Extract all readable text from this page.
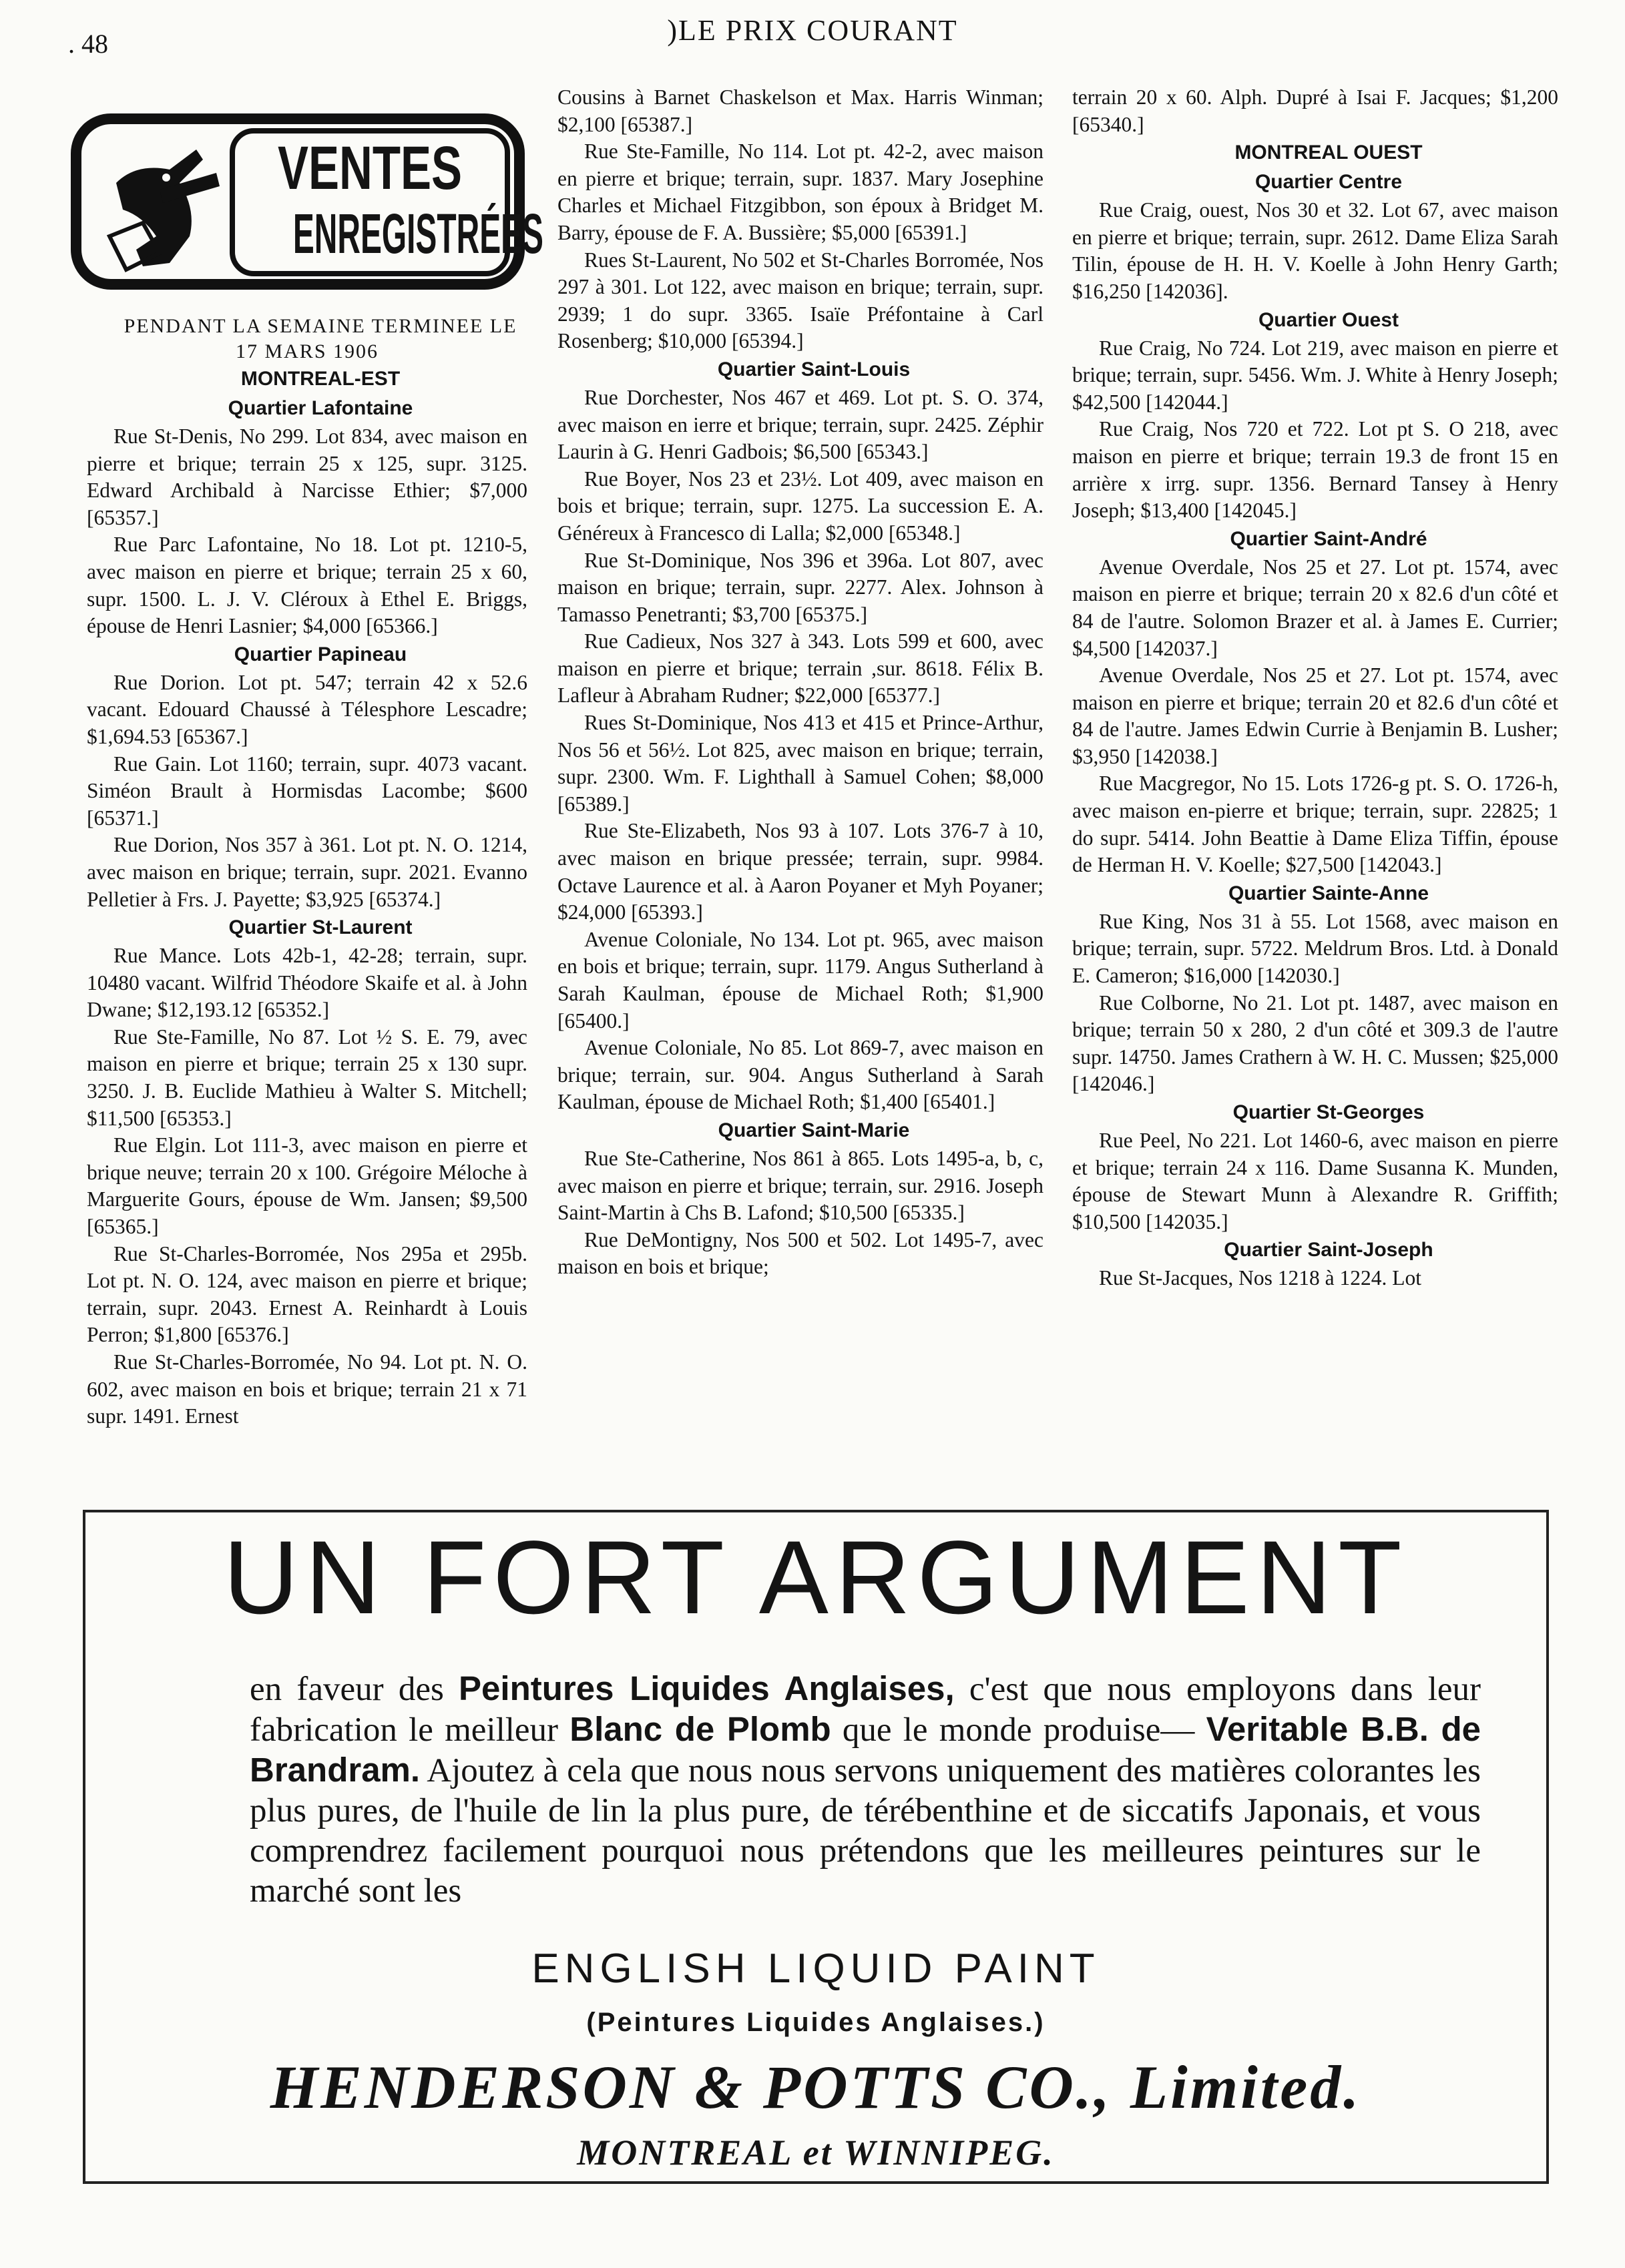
. 48	)LE PRIX COURANT
VENTES
ENREGISTRÉES

PENDANT LA SEMAINE TERMINEE LE 17 MARS 1906

MONTREAL-EST

Quartier Lafontaine

Rue St-Denis, No 299. Lot 834, avec maison en pierre et brique; terrain 25 x 125, supr. 3125. Edward Archibald à Narcisse Ethier; $7,000 [65357.]

Rue Parc Lafontaine, No 18. Lot pt. 1210-5, avec maison en pierre et brique; terrain 25 x 60, supr. 1500. L. J. V. Cléroux à Ethel E. Briggs, épouse de Henri Lasnier; $4,000 [65366.]

Quartier Papineau

Rue Dorion. Lot pt. 547; terrain 42 x 52.6 vacant. Edouard Chaussé à Télesphore Lescadre; $1,694.53 [65367.]

Rue Gain. Lot 1160; terrain, supr. 4073 vacant. Siméon Brault à Hormisdas Lacombe; $600 [65371.]

Rue Dorion, Nos 357 à 361. Lot pt. N. O. 1214, avec maison en brique; terrain, supr. 2021. Evanno Pelletier à Frs. J. Payette; $3,925 [65374.]

Quartier St-Laurent

Rue Mance. Lots 42b-1, 42-28; terrain, supr. 10480 vacant. Wilfrid Théodore Skaife et al. à John Dwane; $12,193.12 [65352.]

Rue Ste-Famille, No 87. Lot ½ S. E. 79, avec maison en pierre et brique; terrain 25 x 130 supr. 3250. J. B. Euclide Mathieu à Walter S. Mitchell; $11,500 [65353.]

Rue Elgin. Lot 111-3, avec maison en pierre et brique neuve; terrain 20 x 100. Grégoire Méloche à Marguerite Gours, épouse de Wm. Jansen; $9,500 [65365.]

Rue St-Charles-Borromée, Nos 295a et 295b. Lot pt. N. O. 124, avec maison en pierre et brique; terrain, supr. 2043. Ernest A. Reinhardt à Louis Perron; $1,800 [65376.]

Rue St-Charles-Borromée, No 94. Lot pt. N. O. 602, avec maison en bois et brique; terrain 21 x 71 supr. 1491. Ernest

Cousins à Barnet Chaskelson et Max. Harris Winman; $2,100 [65387.]

Rue Ste-Famille, No 114. Lot pt. 42-2, avec maison en pierre et brique; terrain, supr. 1837. Mary Josephine Charles et Michael Fitzgibbon, son époux à Bridget M. Barry, épouse de F. A. Bussière; $5,000 [65391.]

Rues St-Laurent, No 502 et St-Charles Borromée, Nos 297 à 301. Lot 122, avec maison en brique; terrain, supr. 2939; 1 do supr. 3365. Isaïe Préfontaine à Carl Rosenberg; $10,000 [65394.]

Quartier Saint-Louis

Rue Dorchester, Nos 467 et 469. Lot pt. S. O. 374, avec maison en ierre et brique; terrain, supr. 2425. Zéphir Laurin à G. Henri Gadbois; $6,500 [65343.]

Rue Boyer, Nos 23 et 23½. Lot 409, avec maison en bois et brique; terrain, supr. 1275. La succession E. A. Généreux à Francesco di Lalla; $2,000 [65348.]

Rue St-Dominique, Nos 396 et 396a. Lot 807, avec maison en brique; terrain, supr. 2277. Alex. Johnson à Tamasso Penetranti; $3,700 [65375.]

Rue Cadieux, Nos 327 à 343. Lots 599 et 600, avec maison en pierre et brique; terrain ,sur. 8618. Félix B. Lafleur à Abraham Rudner; $22,000 [65377.]

Rues St-Dominique, Nos 413 et 415 et Prince-Arthur, Nos 56 et 56½. Lot 825, avec maison en brique; terrain, supr. 2300. Wm. F. Lighthall à Samuel Cohen; $8,000 [65389.]

Rue Ste-Elizabeth, Nos 93 à 107. Lots 376-7 à 10, avec maison en brique pressée; terrain, supr. 9984. Octave Laurence et al. à Aaron Poyaner et Myh Poyaner; $24,000 [65393.]

Avenue Coloniale, No 134. Lot pt. 965, avec maison en bois et brique; terrain, supr. 1179. Angus Sutherland à Sarah Kaulman, épouse de Michael Roth; $1,900 [65400.]

Avenue Coloniale, No 85. Lot 869-7, avec maison en brique; terrain, sur. 904. Angus Sutherland à Sarah Kaulman, épouse de Michael Roth; $1,400 [65401.]

Quartier Saint-Marie

Rue Ste-Catherine, Nos 861 à 865. Lots 1495-a, b, c, avec maison en pierre et brique; terrain, sur. 2916. Joseph Saint-Martin à Chs B. Lafond; $10,500 [65335.]

Rue DeMontigny, Nos 500 et 502. Lot 1495-7, avec maison en bois et brique;

terrain 20 x 60. Alph. Dupré à Isai F. Jacques; $1,200 [65340.]

MONTREAL OUEST

Quartier Centre

Rue Craig, ouest, Nos 30 et 32. Lot 67, avec maison en pierre et brique; terrain, supr. 2612. Dame Eliza Sarah Tilin, épouse de H. H. V. Koelle à John Henry Garth; $16,250 [142036].

Quartier Ouest

Rue Craig, No 724. Lot 219, avec maison en pierre et brique; terrain, supr. 5456. Wm. J. White à Henry Joseph; $42,500 [142044.]

Rue Craig, Nos 720 et 722. Lot pt S. O 218, avec maison en pierre et brique; terrain 19.3 de front 15 en arrière x irrg. supr. 1356. Bernard Tansey à Henry Joseph; $13,400 [142045.]

Quartier Saint-André

Avenue Overdale, Nos 25 et 27. Lot pt. 1574, avec maison en pierre et brique; terrain 20 x 82.6 d'un côté et 84 de l'autre. Solomon Brazer et al. à James E. Currier; $4,500 [142037.]

Avenue Overdale, Nos 25 et 27. Lot pt. 1574, avec maison en pierre et brique; terrain 20 et 82.6 d'un côté et 84 de l'autre. James Edwin Currie à Benjamin B. Lusher; $3,950 [142038.]

Rue Macgregor, No 15. Lots 1726-g pt. S. O. 1726-h, avec maison en-pierre et brique; terrain, supr. 22825; 1 do supr. 5414. John Beattie à Dame Eliza Tiffin, épouse de Herman H. V. Koelle; $27,500 [142043.]

Quartier Sainte-Anne

Rue King, Nos 31 à 55. Lot 1568, avec maison en brique; terrain, supr. 5722. Meldrum Bros. Ltd. à Donald E. Cameron; $16,000 [142030.]

Rue Colborne, No 21. Lot pt. 1487, avec maison en brique; terrain 50 x 280, 2 d'un côté et 309.3 de l'autre supr. 14750. James Crathern à W. H. C. Mussen; $25,000 [142046.]

Quartier St-Georges

Rue Peel, No 221. Lot 1460-6, avec maison en pierre et brique; terrain 24 x 116. Dame Susanna K. Munden, épouse de Stewart Munn à Alexandre R. Griffith; $10,500 [142035.]

Quartier Saint-Joseph

Rue St-Jacques, Nos 1218 à 1224. Lot

UN FORT ARGUMENT
en faveur des Peintures Liquides Anglaises, c'est que nous employons dans leur fabrication le meilleur Blanc de Plomb que le monde produise— Veritable B.B. de Brandram. Ajoutez à cela que nous nous servons uniquement des matières colorantes les plus pures, de l'huile de lin la plus pure, de térébenthine et de siccatifs Japonais, et vous comprendrez facilement pourquoi nous prétendons que les meilleures peintures sur le marché sont les
ENGLISH LIQUID PAINT
(Peintures Liquides Anglaises.)
HENDERSON & POTTS CO., Limited.
MONTREAL et WINNIPEG.
